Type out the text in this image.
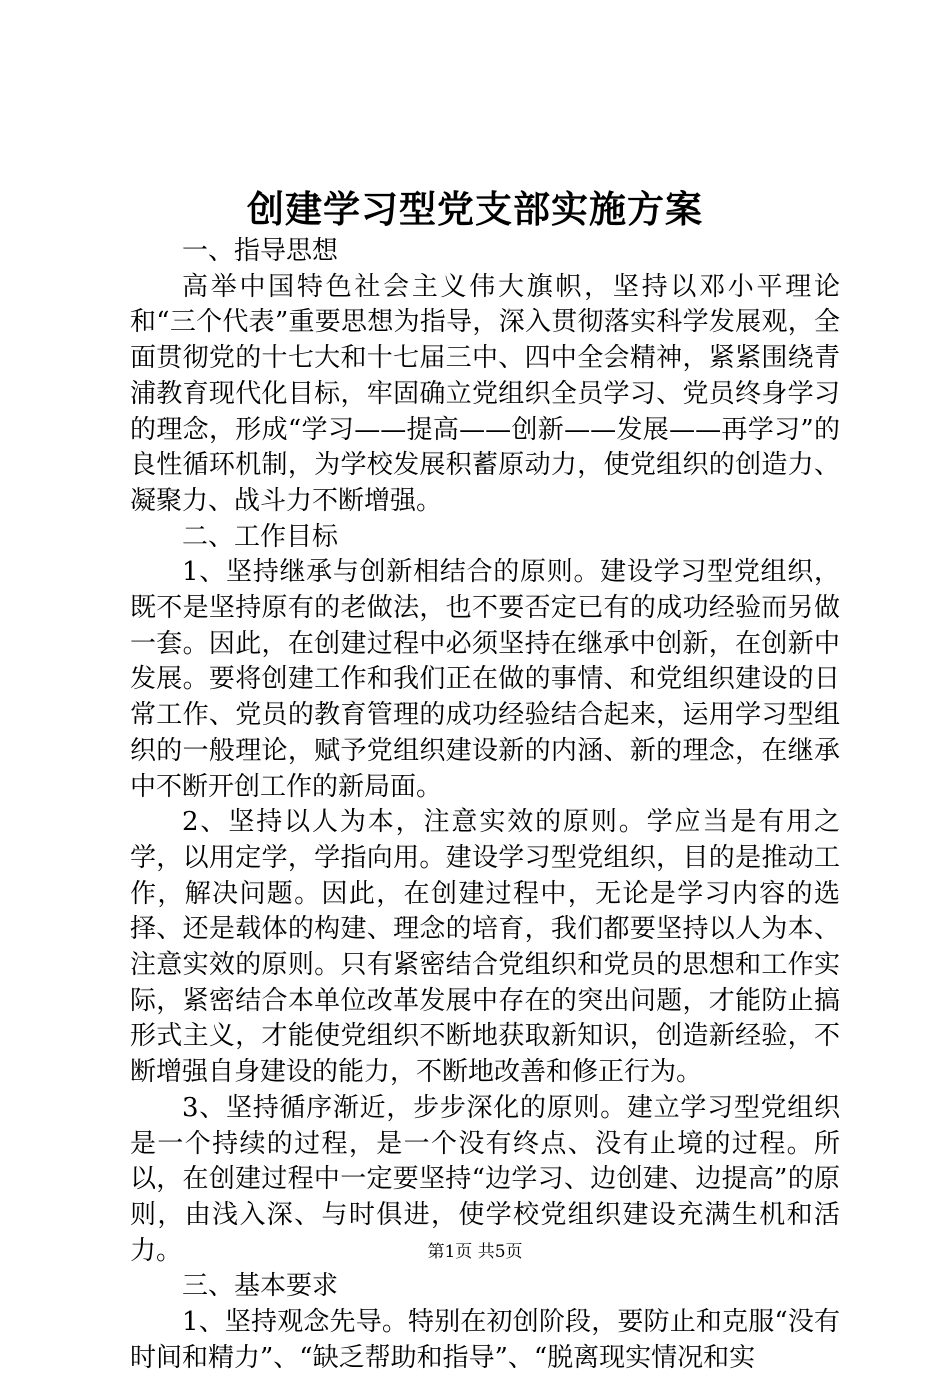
创建学习型党支部实施方案

一、指导思想

高举中国特色社会主义伟大旗帜，坚持以邓小平理论和“三个代表”重要思想为指导，深入贯彻落实科学发展观，全面贯彻党的十七大和十七届三中、四中全会精神，紧紧围绕青浦教育现代化目标，牢固确立党组织全员学习、党员终身学习的理念，形成“学习——提高——创新——发展——再学习”的良性循环机制，为学校发展积蓄原动力，使党组织的创造力、凝聚力、战斗力不断增强。

二、工作目标

1、坚持继承与创新相结合的原则。建设学习型党组织，既不是坚持原有的老做法，也不要否定已有的成功经验而另做一套。因此，在创建过程中必须坚持在继承中创新，在创新中发展。要将创建工作和我们正在做的事情、和党组织建设的日常工作、党员的教育管理的成功经验结合起来，运用学习型组织的一般理论，赋予党组织建设新的内涵、新的理念，在继承中不断开创工作的新局面。

2、坚持以人为本，注意实效的原则。学应当是有用之学，以用定学，学指向用。建设学习型党组织，目的是推动工作，解决问题。因此，在创建过程中，无论是学习内容的选择、还是载体的构建、理念的培育，我们都要坚持以人为本、注意实效的原则。只有紧密结合党组织和党员的思想和工作实际，紧密结合本单位改革发展中存在的突出问题，才能防止搞形式主义，才能使党组织不断地获取新知识，创造新经验，不断增强自身建设的能力，不断地改善和修正行为。

3、坚持循序渐近，步步深化的原则。建立学习型党组织是一个持续的过程，是一个没有终点、没有止境的过程。所以，在创建过程中一定要坚持“边学习、边创建、边提高”的原则，由浅入深、与时俱进，使学校党组织建设充满生机和活力。

三、基本要求

1、坚持观念先导。特别在初创阶段，要防止和克服“没有时间和精力”、“缺乏帮助和指导”、“脱离现实情况和实

第1页 共5页
